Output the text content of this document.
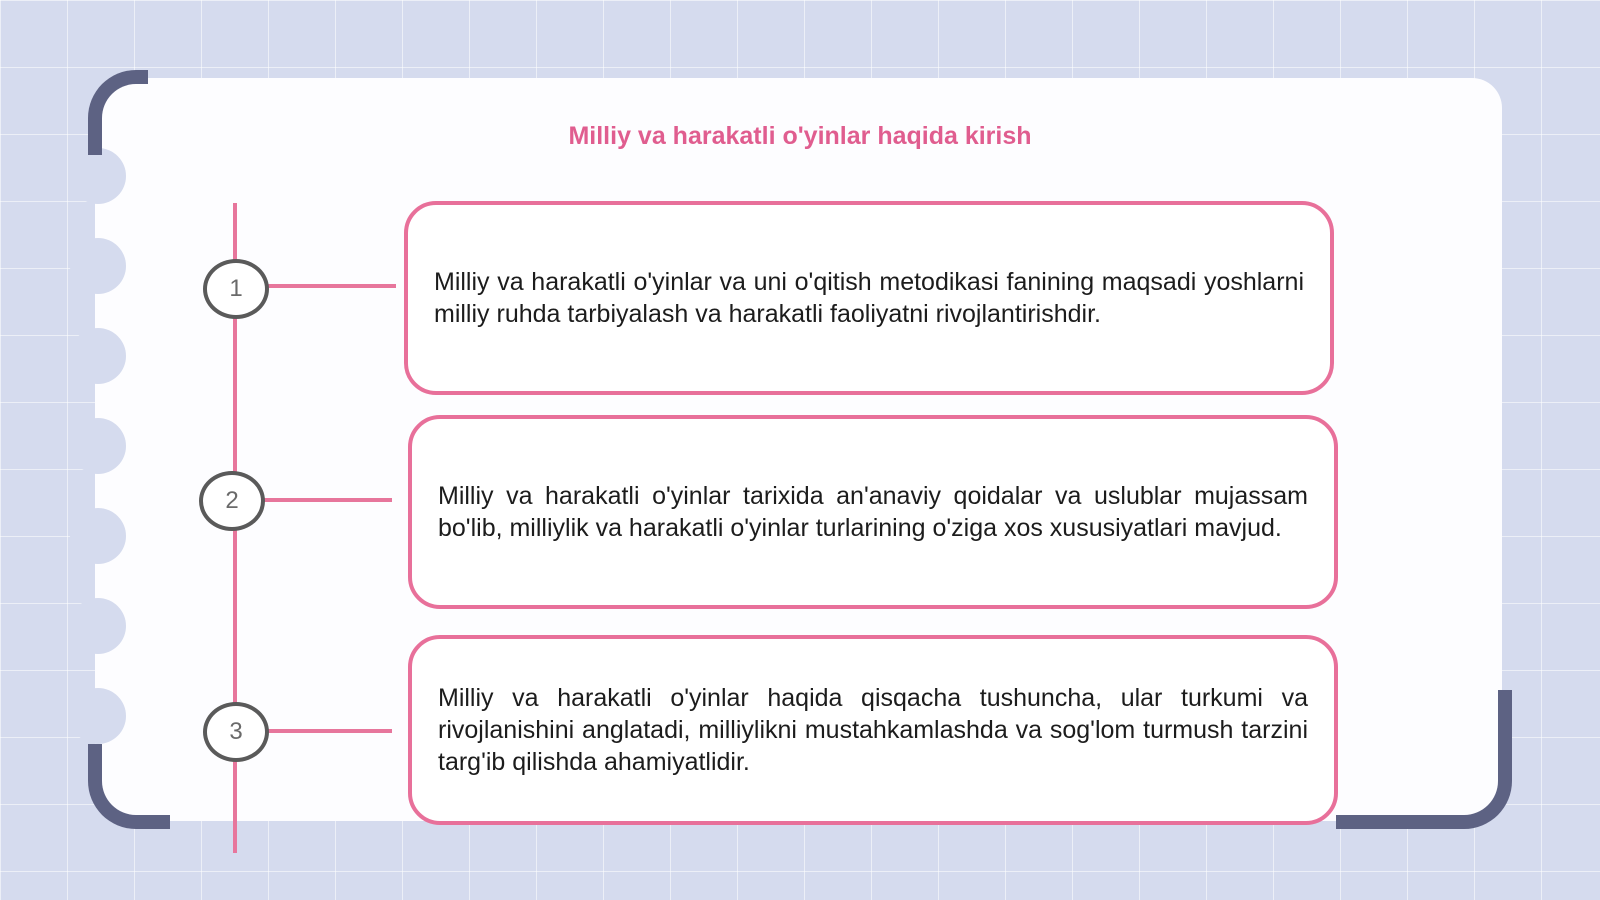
Milliy va harakatli o'yinlar haqida kirish
1	Milliy va harakatli o'yinlar va uni o'qitish metodikasi fanining maqsadi yoshlarni milliy ruhda tarbiyalash va harakatli faoliyatni rivojlantirishdir.

2	Milliy va harakatli o'yinlar tarixida an'anaviy qoidalar va uslublar mujassam bo'lib, milliylik va harakatli o'yinlar turlarining o'ziga xos xususiyatlari mavjud.

3

Milliy va harakatli o'yinlar haqida qisqacha tushuncha, ular turkumi va rivojlanishini anglatadi, milliylikni mustahkamlashda va sog'lom turmush tarzini targ'ib qilishda ahamiyatlidir.
